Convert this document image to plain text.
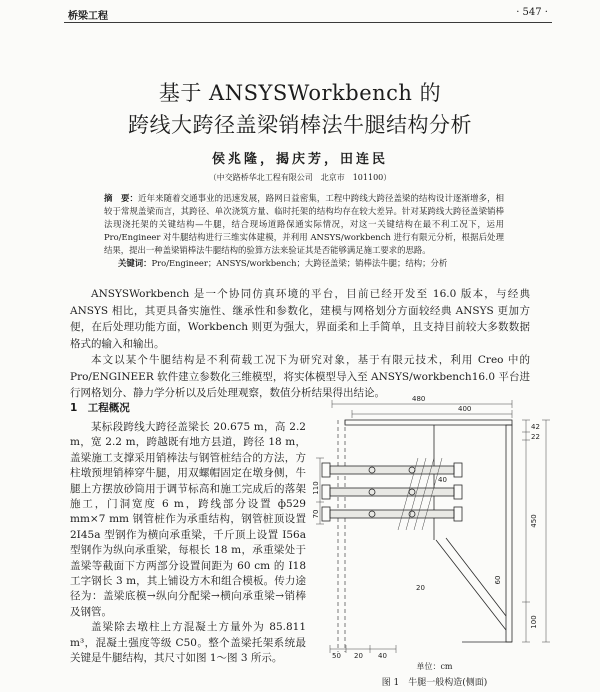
桥梁工程	· 547 ·
基于 ANSYSWorkbench 的
跨线大跨径盖梁销棒法牛腿结构分析
侯兆隆，揭庆芳，田连民
（中交路桥华北工程有限公司　北京市　101100）

摘　要：近年来随着交通事业的迅速发展，路网日益密集，工程中跨线大跨径盖梁的结构设计逐渐增多，相较于常规盖梁而言，其跨径、单次浇筑方量、临时托架的结构均存在较大差异。针对某跨线大跨径盖梁销棒法现浇托架的关键结构—牛腿，结合现场道路保通实际情况，对这一关键结构在最不利工况下，运用 Pro/Engineer 对牛腿结构进行三维实体建模，并利用 ANSYS/workbench 进行有限元分析，根据后处理结果，提出一种盖梁销棒法牛腿结构的验算方法来验证其是否能够满足施工要求的思路。

关键词：Pro/Engineer；ANSYS/workbench；大跨径盖梁；销棒法牛腿；结构；分析

ANSYSWorkbench 是一个协同仿真环境的平台，目前已经开发至 16.0 版本，与经典 ANSYS 相比，其更具备实施性、继承性和参数化，建模与网格划分方面较经典 ANSYS 更加方便，在后处理功能方面，Workbench 则更为强大，界面柔和上手简单，且支持目前较大多数数据格式的输入和输出。

本文以某个牛腿结构是不利荷载工况下为研究对象，基于有限元技术，利用 Creo 中的 Pro/ENGINEER 软件建立参数化三维模型，将实体模型导入至 ANSYS/workbench16.0 平台进行网格划分、静力学分析以及后处理观察，数值分析结果得出结论。

1　工程概况

某标段跨线大跨径盖梁长 20.675 m，高 2.2 m，宽 2.2 m，跨越既有地方县道，跨径 18 m，盖梁施工支撑采用销棒法与钢管桩结合的方法，方柱墩预埋销棒穿牛腿，用双螺帽固定在墩身侧，牛腿上方摆放砂筒用于调节标高和施工完成后的落架施工，门洞宽度 6 m，跨线部分设置 ф529 mm×7 mm 钢管桩作为承重结构，钢管桩顶设置 2I45a 型钢作为横向承重梁，千斤顶上设置 I56a 型钢作为纵向承重梁，每根长 18 m，承重梁处于盖梁等截面下方两部分设置间距为 60 cm 的 I18 工字钢长 3 m，其上铺设方木和组合模板。传力途径为：盖梁底模→纵向分配梁→横向承重梁→销棒及钢管。

盖梁除去墩柱上方混凝土方量外为 85.811 m³，混凝土强度等级 C50。整个盖梁托架系统最关键是牛腿结构，其尺寸如图 1～图 3 所示。

480
400
110
70
42
22
450
100
60
40
20
50 20 40
单位：cm
图 1　牛腿一般构造(侧面)
